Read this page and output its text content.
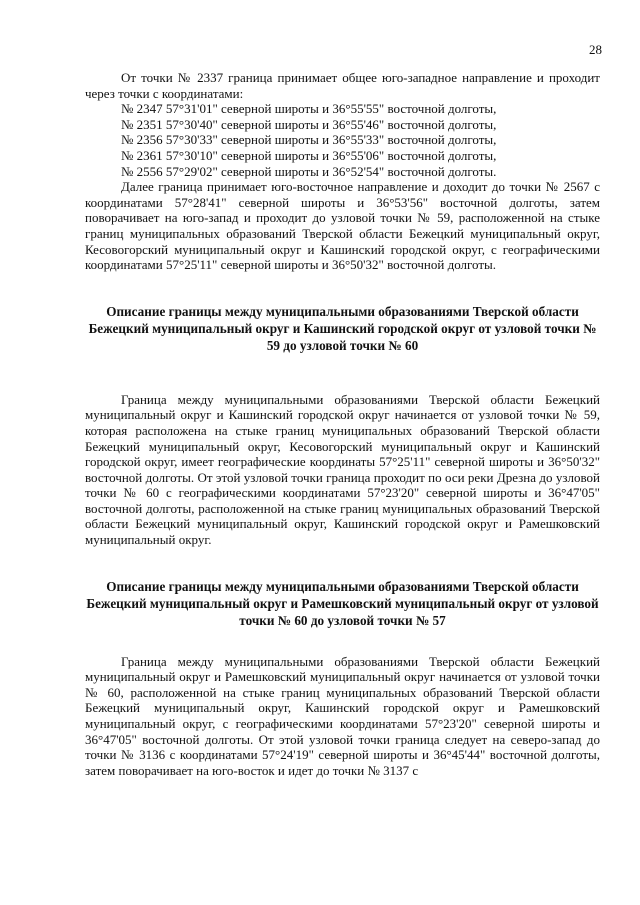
28

От точки № 2337 граница принимает общее юго-западное направление и проходит через точки с координатами:

№ 2347 57°31'01" северной широты и 36°55'55" восточной долготы,
№ 2351 57°30'40" северной широты и 36°55'46" восточной долготы,
№ 2356 57°30'33" северной широты и 36°55'33" восточной долготы,
№ 2361 57°30'10" северной широты и 36°55'06" восточной долготы,
№ 2556 57°29'02" северной широты и 36°52'54" восточной долготы.

Далее граница принимает юго-восточное направление и доходит до точки № 2567 с координатами 57°28'41" северной широты и 36°53'56" восточной долготы, затем поворачивает на юго-запад и проходит до узловой точки № 59, расположенной на стыке границ муниципальных образований Тверской области Бежецкий муниципальный округ, Кесовогорский муниципальный округ и Кашинский городской округ, с географическими координатами 57°25'11" северной широты и 36°50'32" восточной долготы.

Описание границы между муниципальными образованиями Тверской области Бежецкий муниципальный округ и Кашинский городской округ от узловой точки № 59 до узловой точки № 60

Граница между муниципальными образованиями Тверской области Бежецкий муниципальный округ и Кашинский городской округ начинается от узловой точки № 59, которая расположена на стыке границ муниципальных образований Тверской области Бежецкий муниципальный округ, Кесовогорский муниципальный округ и Кашинский городской округ, имеет географические координаты 57°25'11" северной широты и 36°50'32" восточной долготы. От этой узловой точки граница проходит по оси реки Дрезна до узловой точки № 60 с географическими координатами 57°23'20" северной широты и 36°47'05" восточной долготы, расположенной на стыке границ муниципальных образований Тверской области Бежецкий муниципальный округ, Кашинский городской округ и Рамешковский муниципальный округ.

Описание границы между муниципальными образованиями Тверской области Бежецкий муниципальный округ и Рамешковский муниципальный округ от узловой точки № 60 до узловой точки № 57

Граница между муниципальными образованиями Тверской области Бежецкий муниципальный округ и Рамешковский муниципальный округ начинается от узловой точки № 60, расположенной на стыке границ муниципальных образований Тверской области Бежецкий муниципальный округ, Кашинский городской округ и Рамешковский муниципальный округ, с географическими координатами 57°23'20" северной широты и 36°47'05" восточной долготы. От этой узловой точки граница следует на северо-запад до точки № 3136 с координатами 57°24'19" северной широты и 36°45'44" восточной долготы, затем поворачивает на юго-восток и идет до точки № 3137 с
